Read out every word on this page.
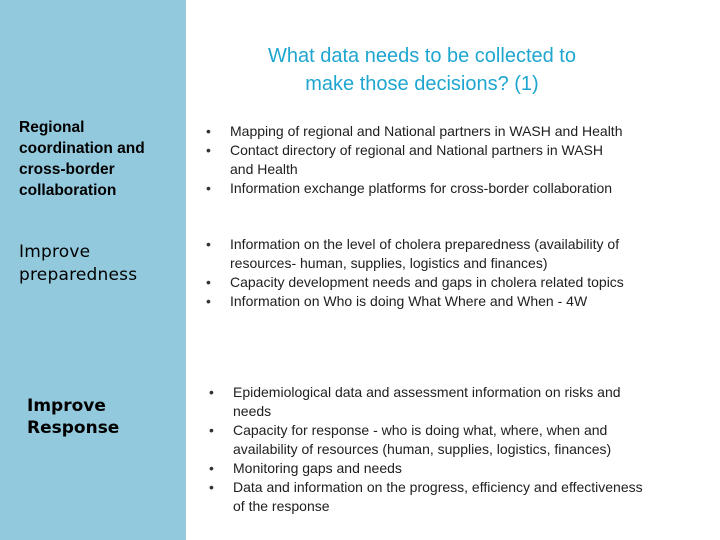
What data needs to be collected to
make those decisions? (1)

Regional
coordination and
cross-border
collaboration

• Mapping of regional and National partners in WASH and Health
• Contact directory of regional and National partners in WASH
and Health
• Information exchange platforms for cross-border collaboration

Improve
preparedness

• Information on the level of cholera preparedness (availability of
resources- human, supplies, logistics and finances)
• Capacity development needs and gaps in cholera related topics
• Information on Who is doing What Where and When - 4W

Improve
Response

• Epidemiological data and assessment information on risks and
needs
• Capacity for response - who is doing what, where, when and
availability of resources (human, supplies, logistics, finances)
• Monitoring gaps and needs
• Data and information on the progress, efficiency and effectiveness
of the response
